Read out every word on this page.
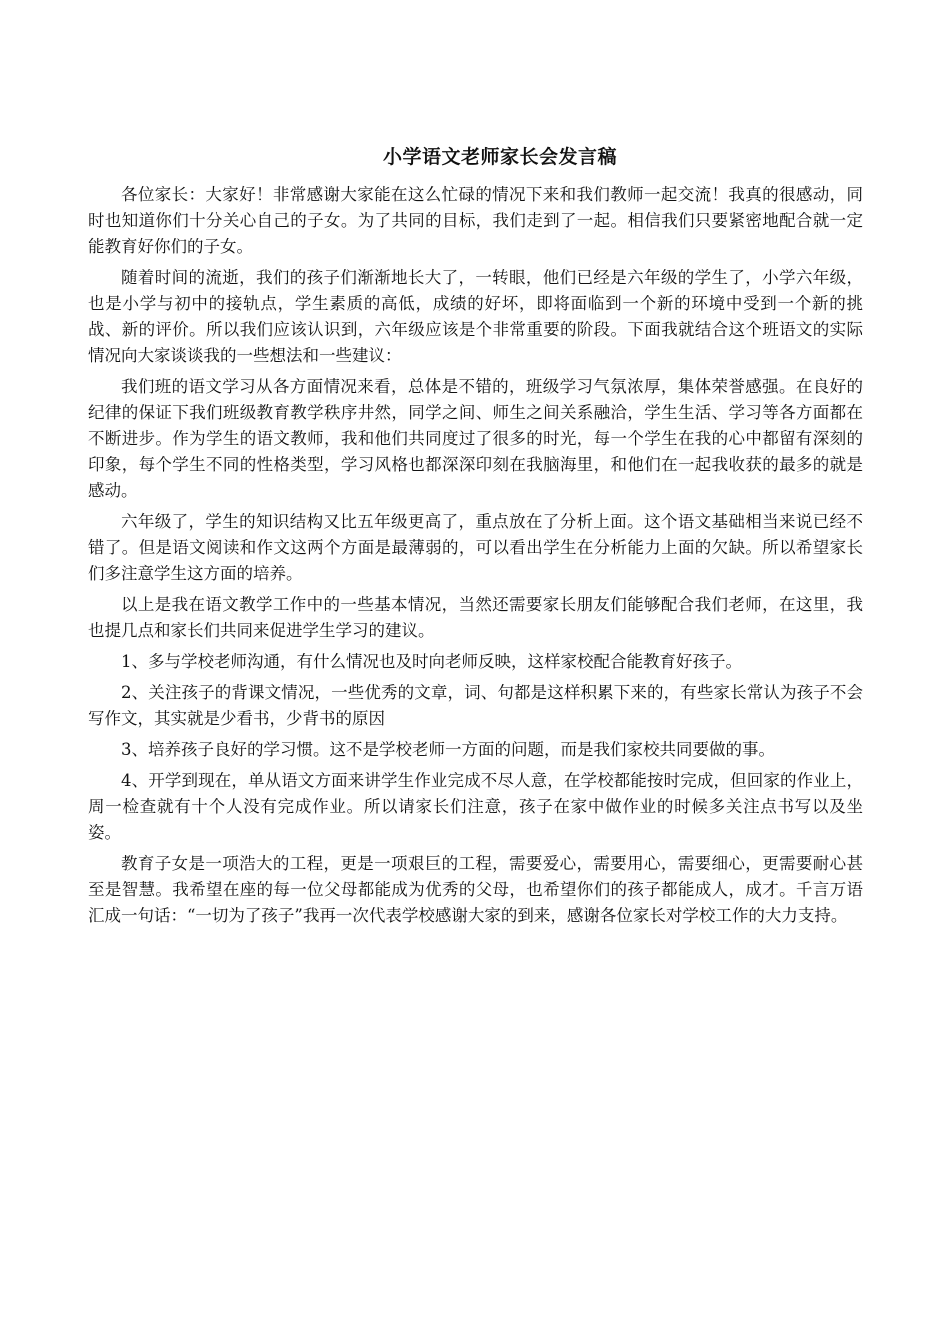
小学语文老师家长会发言稿

各位家长：大家好！非常感谢大家能在这么忙碌的情况下来和我们教师一起交流！我真的很感动，同时也知道你们十分关心自己的子女。为了共同的目标，我们走到了一起。相信我们只要紧密地配合就一定能教育好你们的子女。

随着时间的流逝，我们的孩子们渐渐地长大了，一转眼，他们已经是六年级的学生了，小学六年级，也是小学与初中的接轨点，学生素质的高低，成绩的好坏，即将面临到一个新的环境中受到一个新的挑战、新的评价。所以我们应该认识到，六年级应该是个非常重要的阶段。下面我就结合这个班语文的实际情况向大家谈谈我的一些想法和一些建议：

我们班的语文学习从各方面情况来看，总体是不错的，班级学习气氛浓厚，集体荣誉感强。在良好的纪律的保证下我们班级教育教学秩序井然，同学之间、师生之间关系融洽，学生生活、学习等各方面都在不断进步。作为学生的语文教师，我和他们共同度过了很多的时光，每一个学生在我的心中都留有深刻的印象，每个学生不同的性格类型，学习风格也都深深印刻在我脑海里，和他们在一起我收获的最多的就是感动。

六年级了，学生的知识结构又比五年级更高了，重点放在了分析上面。这个语文基础相当来说已经不错了。但是语文阅读和作文这两个方面是最薄弱的，可以看出学生在分析能力上面的欠缺。所以希望家长们多注意学生这方面的培养。

以上是我在语文教学工作中的一些基本情况，当然还需要家长朋友们能够配合我们老师，在这里，我也提几点和家长们共同来促进学生学习的建议。

1、多与学校老师沟通，有什么情况也及时向老师反映，这样家校配合能教育好孩子。

2、关注孩子的背课文情况，一些优秀的文章，词、句都是这样积累下来的，有些家长常认为孩子不会写作文，其实就是少看书，少背书的原因

3、培养孩子良好的学习惯。这不是学校老师一方面的问题，而是我们家校共同要做的事。

4、开学到现在，单从语文方面来讲学生作业完成不尽人意，在学校都能按时完成，但回家的作业上，周一检查就有十个人没有完成作业。所以请家长们注意，孩子在家中做作业的时候多关注点书写以及坐姿。

教育子女是一项浩大的工程，更是一项艰巨的工程，需要爱心，需要用心，需要细心，更需要耐心甚至是智慧。我希望在座的每一位父母都能成为优秀的父母，也希望你们的孩子都能成人，成才。千言万语汇成一句话：“一切为了孩子”我再一次代表学校感谢大家的到来，感谢各位家长对学校工作的大力支持。
